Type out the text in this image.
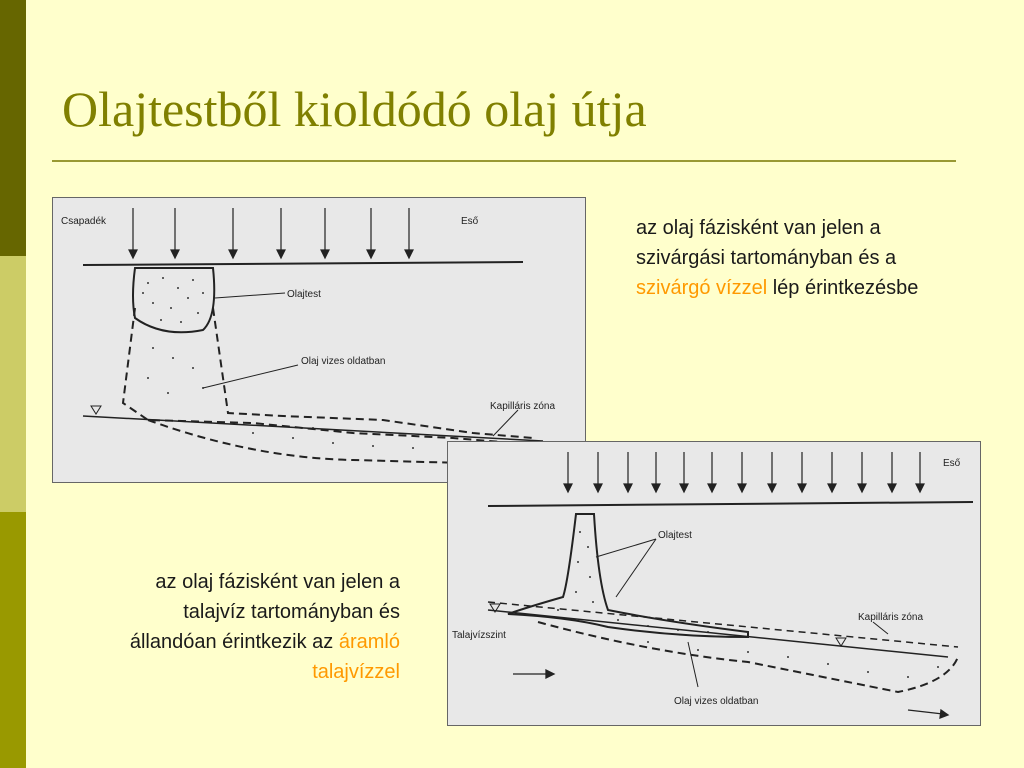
Olajtestből kioldódó olaj útja
Csapadék	Eső
Olajtest
Olaj vizes oldatban
Kapilláris zóna
Eső
Olajtest
Kapilláris zóna
Talajvízszint
Olaj vizes oldatban
az olaj fázisként van jelen a szivárgási tartományban és a szivárgó vízzel lép érintkezésbe
az olaj fázisként van jelen a talajvíz tartományban és állandóan érintkezik az áramló talajvízzel
